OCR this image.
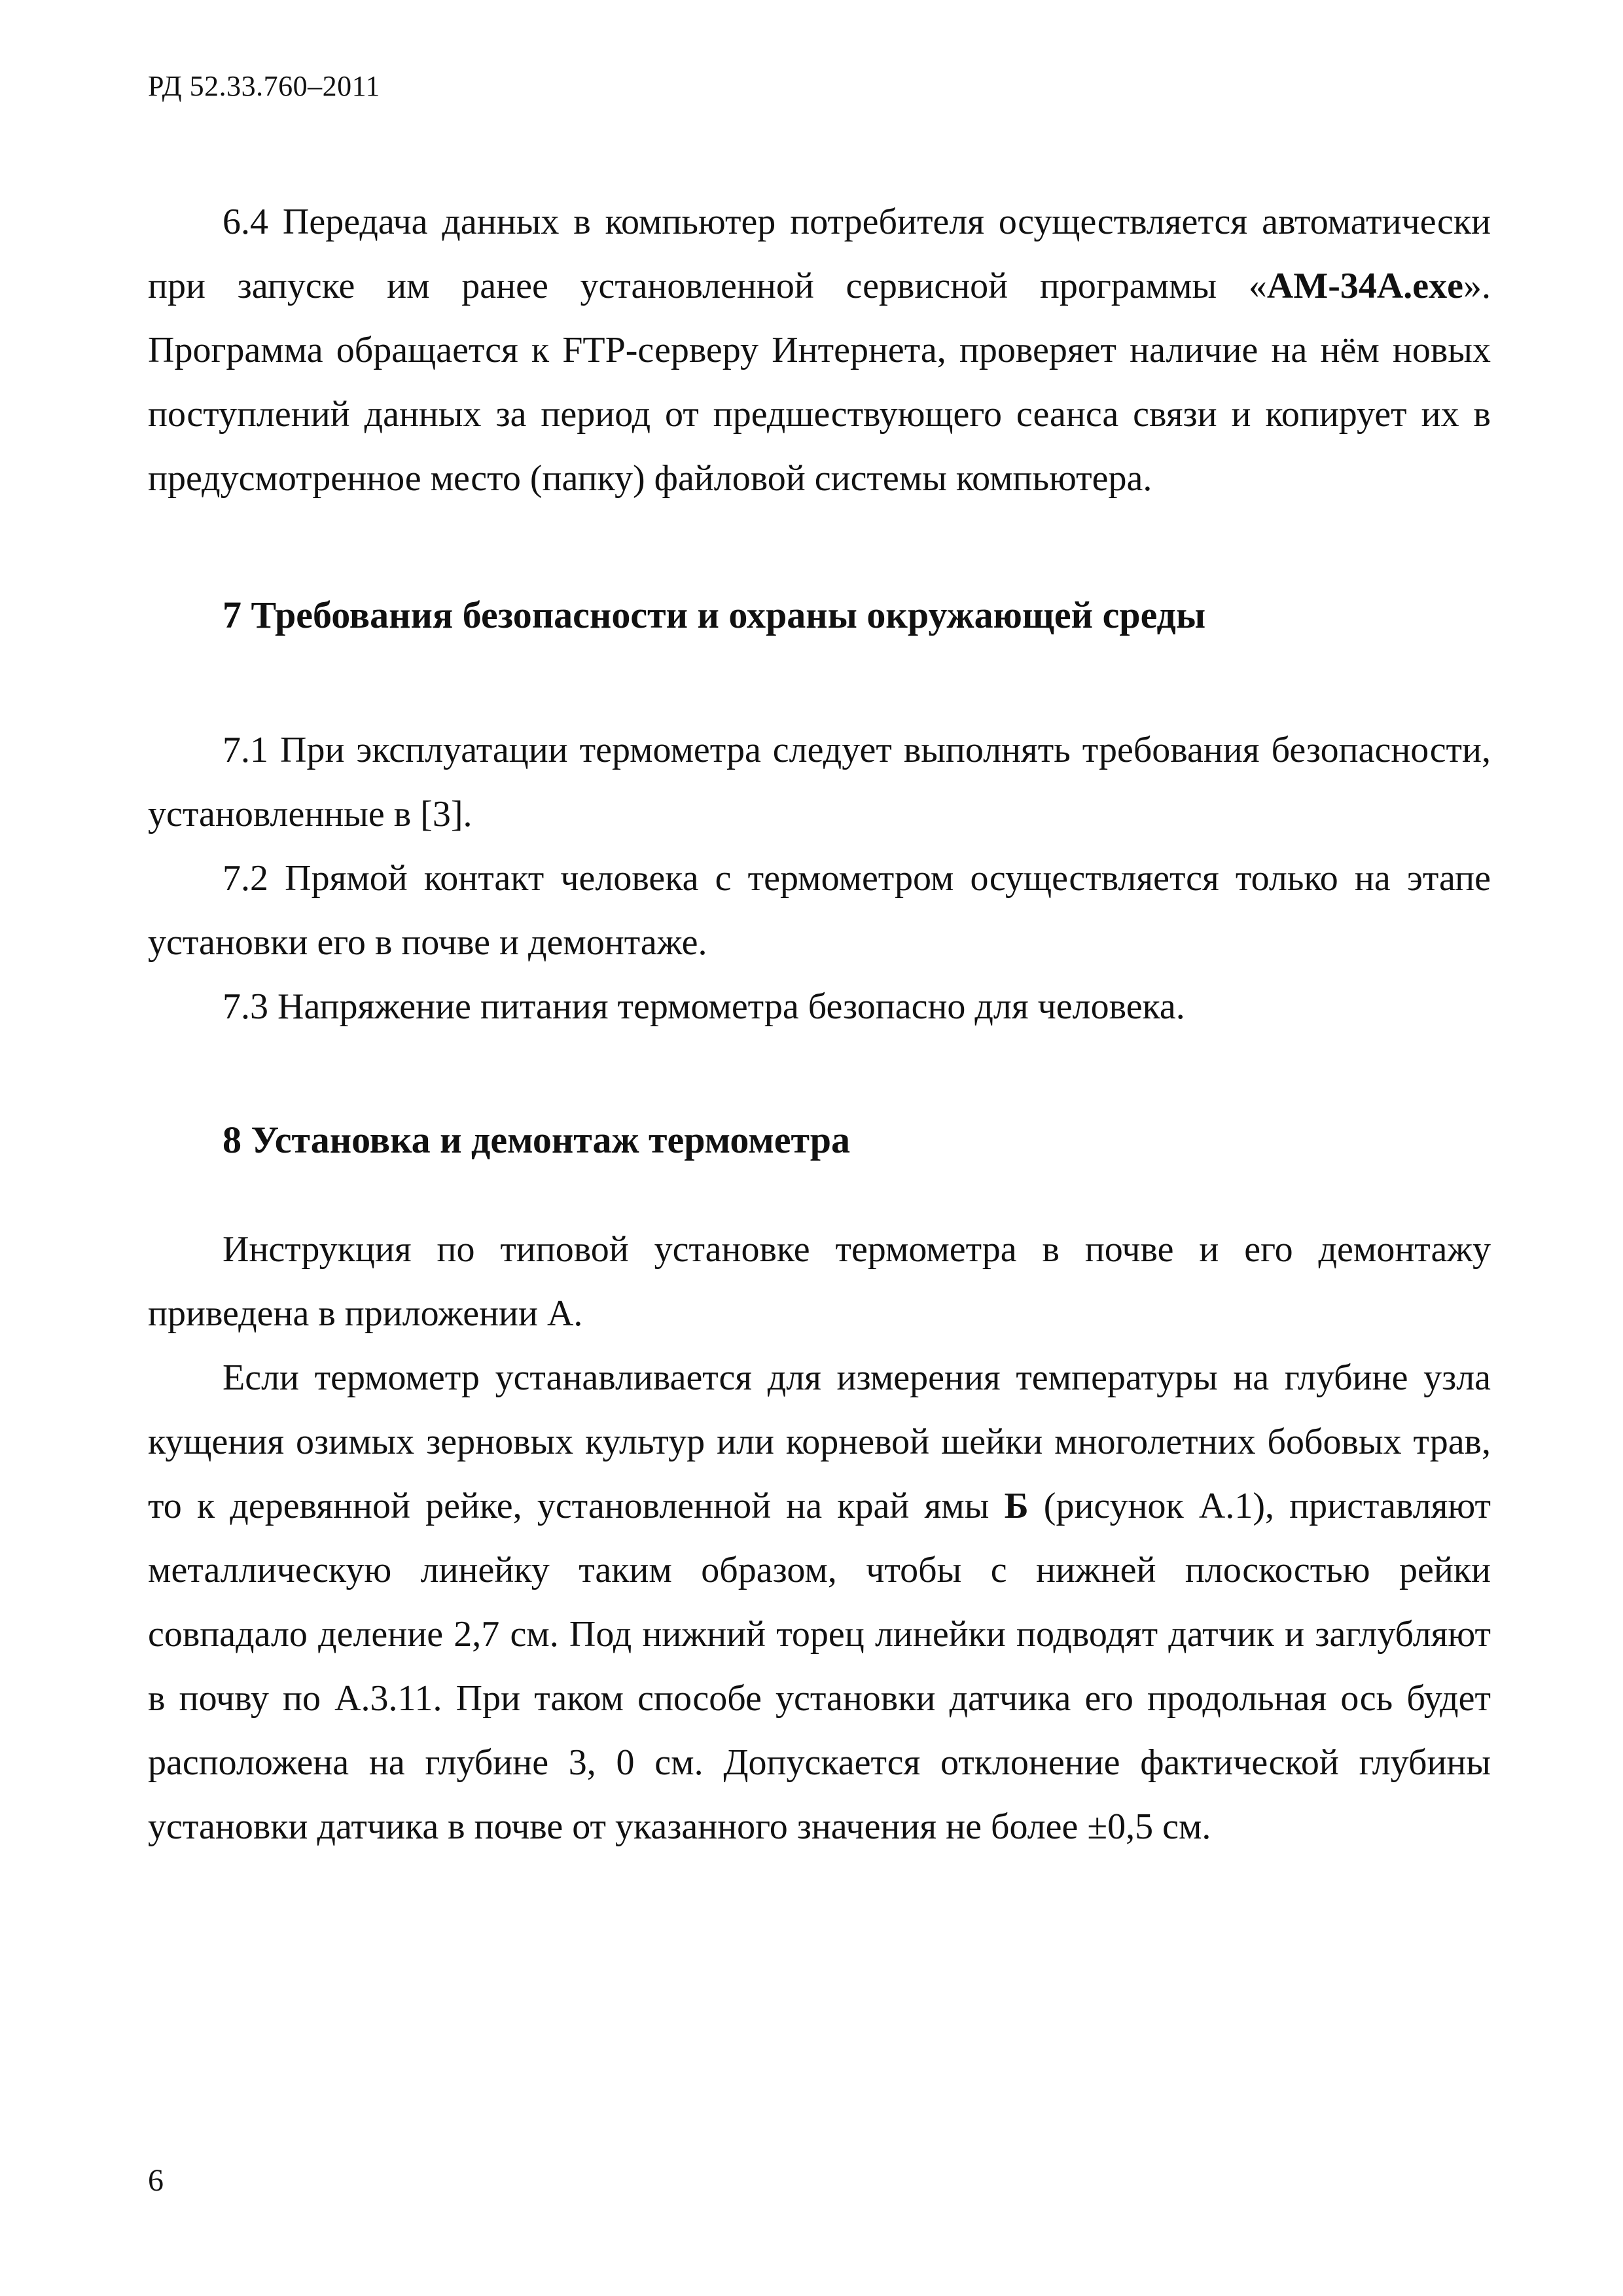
РД 52.33.760–2011

6.4 Передача данных в компьютер потребителя осуществляется автоматически при запуске им ранее установленной сервисной программы «АМ-34А.exe». Программа обращается к FTP-серверу Интернета, проверяет наличие на нём новых поступлений данных за период от предшествующего сеанса связи и копирует их в предусмотренное место (папку) файловой системы компьютера.

7 Требования безопасности и охраны окружающей среды

7.1 При эксплуатации термометра следует выполнять требования безопасности, установленные в [3].

7.2 Прямой контакт человека с термометром осуществляется только на этапе установки его в почве и демонтаже.

7.3 Напряжение питания термометра безопасно для человека.

8 Установка и демонтаж термометра

Инструкция по типовой установке термометра в почве и его демонтажу приведена в приложении А.

Если термометр устанавливается для измерения температуры на глубине узла кущения озимых зерновых культур или корневой шейки многолетних бобовых трав, то к деревянной рейке, установленной на край ямы Б (рисунок А.1), приставляют металлическую линейку таким образом, чтобы с нижней плоскостью рейки совпадало деление 2,7 см. Под нижний торец линейки подводят датчик и заглубляют в почву по А.3.11. При таком способе установки датчика его продольная ось будет расположена на глубине 3, 0 см. Допускается отклонение фактической глубины установки датчика в почве от указанного значения не более ±0,5 см.

6
